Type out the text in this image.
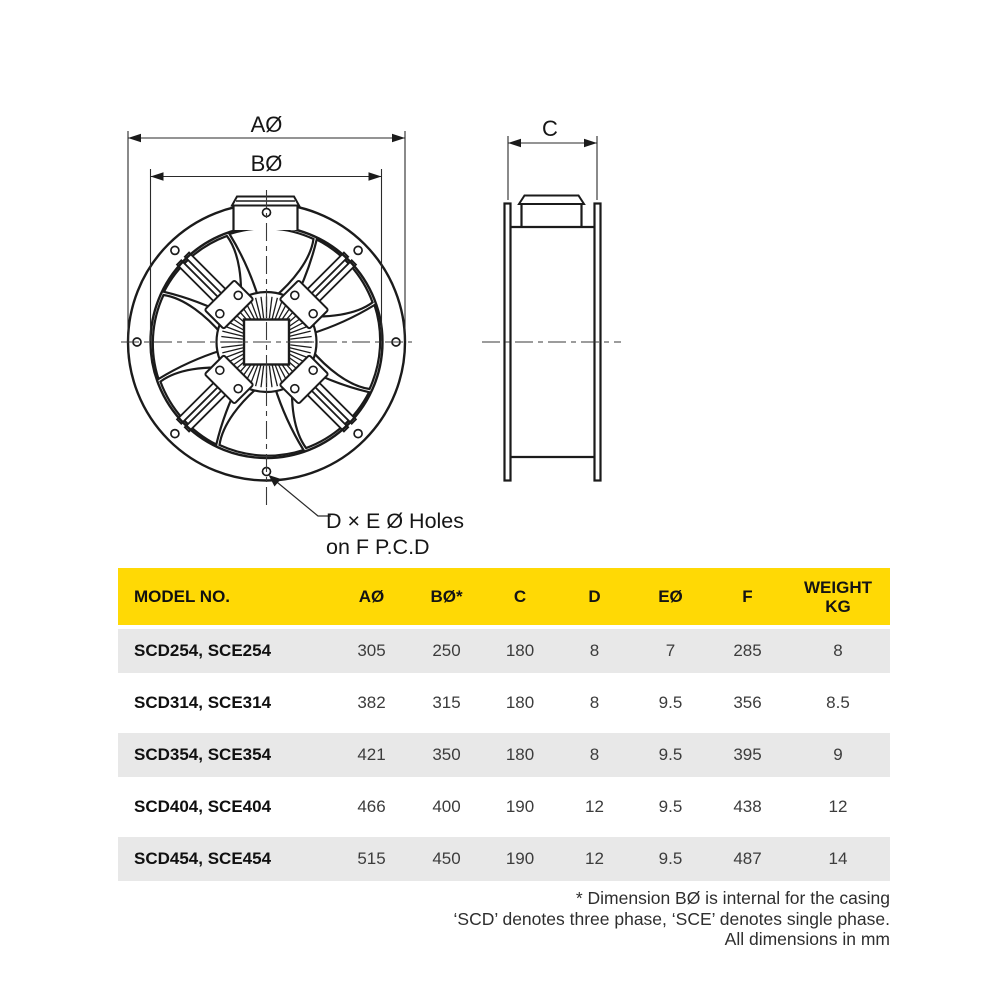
AØ
BØ
D × E Ø Holes
on F P.C.D
C
MODEL NO.	AØ	BØ*	C	D	EØ	F	WEIGHT
KG
SCD254, SCE254	305	250	180	8	7	285	8
SCD314, SCE314	382	315	180	8	9.5	356	8.5
SCD354, SCE354	421	350	180	8	9.5	395	9
SCD404, SCE404	466	400	190	12	9.5	438	12
SCD454, SCE454	515	450	190	12	9.5	487	14
* Dimension BØ is internal for the casing
‘SCD’ denotes three phase, ‘SCE’ denotes single phase.
All dimensions in mm
